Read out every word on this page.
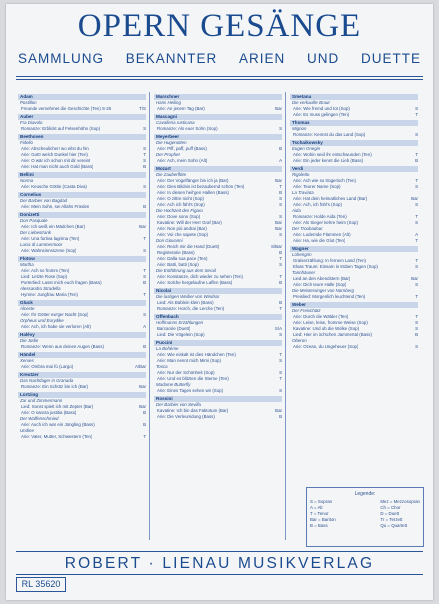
OPERN GESÄNGE
SAMMLUNG BEKANNTER ARIEN UND DUETTE
Adam
Postillon
Freunde vernehmet die Geschichte (Ten) S-25	T/S
Auber
Fra Diavolo
Romanze: Erblickt auf Felsenhöhn (Sop)	S
Beethoven
Fidelio
Arie: Abscheulicher! wo eilst du hin	S
Arie: Gott! welch Dunkel hier (Ten)	T
Arie: O wär ich schon mit dir vereint	S
Arie: Hat man nicht auch Gold (Bass)	B
Bellini
Norma
Arie: Keusche Göttin (Casta Diva)	S
Cornelius
Der Barbier von Bagdad
Arie: Mein Sohn, sei Allahs Frieden	B
Donizetti
Don Pasquale
Arie: Ich weiß ein Mädchen (Bar)	Bar
Der Liebestrank
Arie: Una furtiva lagrima (Ten)	T
Lucia di Lammermoor
Arie: Wahnsinnsszene (Sop)	S
Flotow
Martha
Arie: Ach so fromm (Ten)	T
Lied: Letzte Rose (Sop)	S
Porterlied: Lasst mich euch fragen (Bass)	B
Alessandro Stradella
Hymne: Jungfrau Maria (Ten)	T
Gluck
Alceste
Arie: Ihr Götter ew'ger Nacht (Sop)	S
Orpheus und Eurydike
Arie: Ach, ich habe sie verloren (Alt)	A
Halévy
Die Jüdin
Romanze: Wenn aus deinen Augen (Bass)	B
Händel
Xerxes
Arie: Ombra mai fù (Largo)	A/Bar
Kreutzer
Das Nachtlager in Granada
Romanze: Ein Schütz bin ich (Bar)	Bar
Lortzing
Zar und Zimmermann
Lied: Sonst spielt ich mit Zepter (Bar)	Bar
Arie: O sancta justitia (Bass)	B
Der Waffenschmied
Arie: Auch ich war ein Jüngling (Bass)	B
Undine
Arie: Vater, Mutter, Schwestern (Ten)	T
Marschner
Hans Heiling
Arie: An jenem Tag (Bar)	Bar
Mascagni
Cavalleria rusticana
Romanze: Als euer Sohn (Sop)	S
Meyerbeer
Die Hugenotten
Arie: Piff, paff, puff (Bass)	B
Der Prophet
Arie: Ach, mein Sohn (Alt)	A
Mozart
Die Zauberflöte
Arie: Der Vogelfänger bin ich ja (Bar)	Bar
Arie: Dies Bildnis ist bezaubernd schön (Ten)	T
Arie: In diesen heil'gen Hallen (Bass)	B
Arie: O zittre nicht (Sop)	S
Arie: Ach ich fühl's (Sop)	S
Die Hochzeit des Figaro
Arie: Dove sono (Sop)	S
Kavatine: Will der Herr Graf (Bar)	Bar
Arie: Non più andrai (Bar)	Bar
Arie: Voi che sapete (Sop)	S
Don Giovanni
Arie: Reich mir die Hand (Duett)	S/Bar
Registerarie (Bass)	B
Arie: Dalla sua pace (Ten)	T
Arie: Batti, batti (Sop)	S
Die Entführung aus dem Serail
Arie: Konstanze, dich wieder zu sehen (Ten)	T
Arie: Solche hergelaufne Laffen (Bass)	B
Nicolai
Die lustigen Weiber von Windsor
Lied: Als Büblein klein (Bass)	B
Romanze: Horch, die Lerche (Ten)	T
Offenbach
Hoffmanns Erzählungen
Barcarole (Duett)	S/A
Lied: Die Vögelein (Sop)	S
Puccini
La Bohème
Arie: Wie eiskalt ist dies Händchen (Ten)	T
Arie: Man nennt mich Mimi (Sop)	S
Tosca
Arie: Nur der Schönheit (Sop)	S
Arie: Und es blitzten die Sterne (Ten)	T
Madame Butterfly
Arie: Eines Tages sehen wir (Sop)	S
Rossini
Der Barbier von Sevilla
Kavatine: Ich bin das Faktotum (Bar)	Bar
Arie: Die Verleumdung (Bass)	B
Smetana
Die verkaufte Braut
Arie: Wie fremd und tot (Sop)	S
Arie: Es muss gelingen (Ten)	T
Thomas
Mignon
Romanze: Kennst du das Land (Sop)	S
Tschaikowsky
Eugen Onegin
Arie: Wohin seid ihr entschwunden (Ten)	T
Arie: Ein jeder kennt die Lieb (Bass)	B
Verdi
Rigoletto
Arie: Ach wie so trügerisch (Ten)	T
Arie: Teurer Name (Sop)	S
La Traviata
Arie: Hat dein heimatliches Land (Bar)	Bar
Arie: Ach, ich fühl's (Sop)	S
Aida
Romanze: Holde Aida (Ten)	T
Arie: Als Sieger kehre heim (Sop)	S
Der Troubadour
Arie: Lodernde Flammen (Alt)	A
Arie: Ha, wie die Glut (Ten)	T
Wagner
Lohengrin
Gralserzählung: In fernem Land (Ten)	T
Elsas Traum: Einsam in trüben Tagen (Sop)	S
Tannhäuser
Lied an den Abendstern (Bar)	Bar
Arie: Dich teure Halle (Sop)	S
Die Meistersinger von Nürnberg
Preislied: Morgenlich leuchtend (Ten)	T
Weber
Der Freischütz
Arie: Durch die Wälder (Ten)	T
Arie: Leise, leise, fromme Weise (Sop)	S
Kavatine: Und ob die Wolke (Sop)	S
Lied: Hier im ird'schen Jammertal (Bass)	B
Oberon
Arie: Ozean, du Ungeheuer (Sop)	S
Legende:
S = Sopran
A = Alt
T = Tenor
Bar = Bariton
B = Bass
Mez = Mezzosopran
Ch = Chor
D = Duett
Tr = Terzett
Qu = Quartett
ROBERT · LIENAU MUSIKVERLAG
RL 35620
